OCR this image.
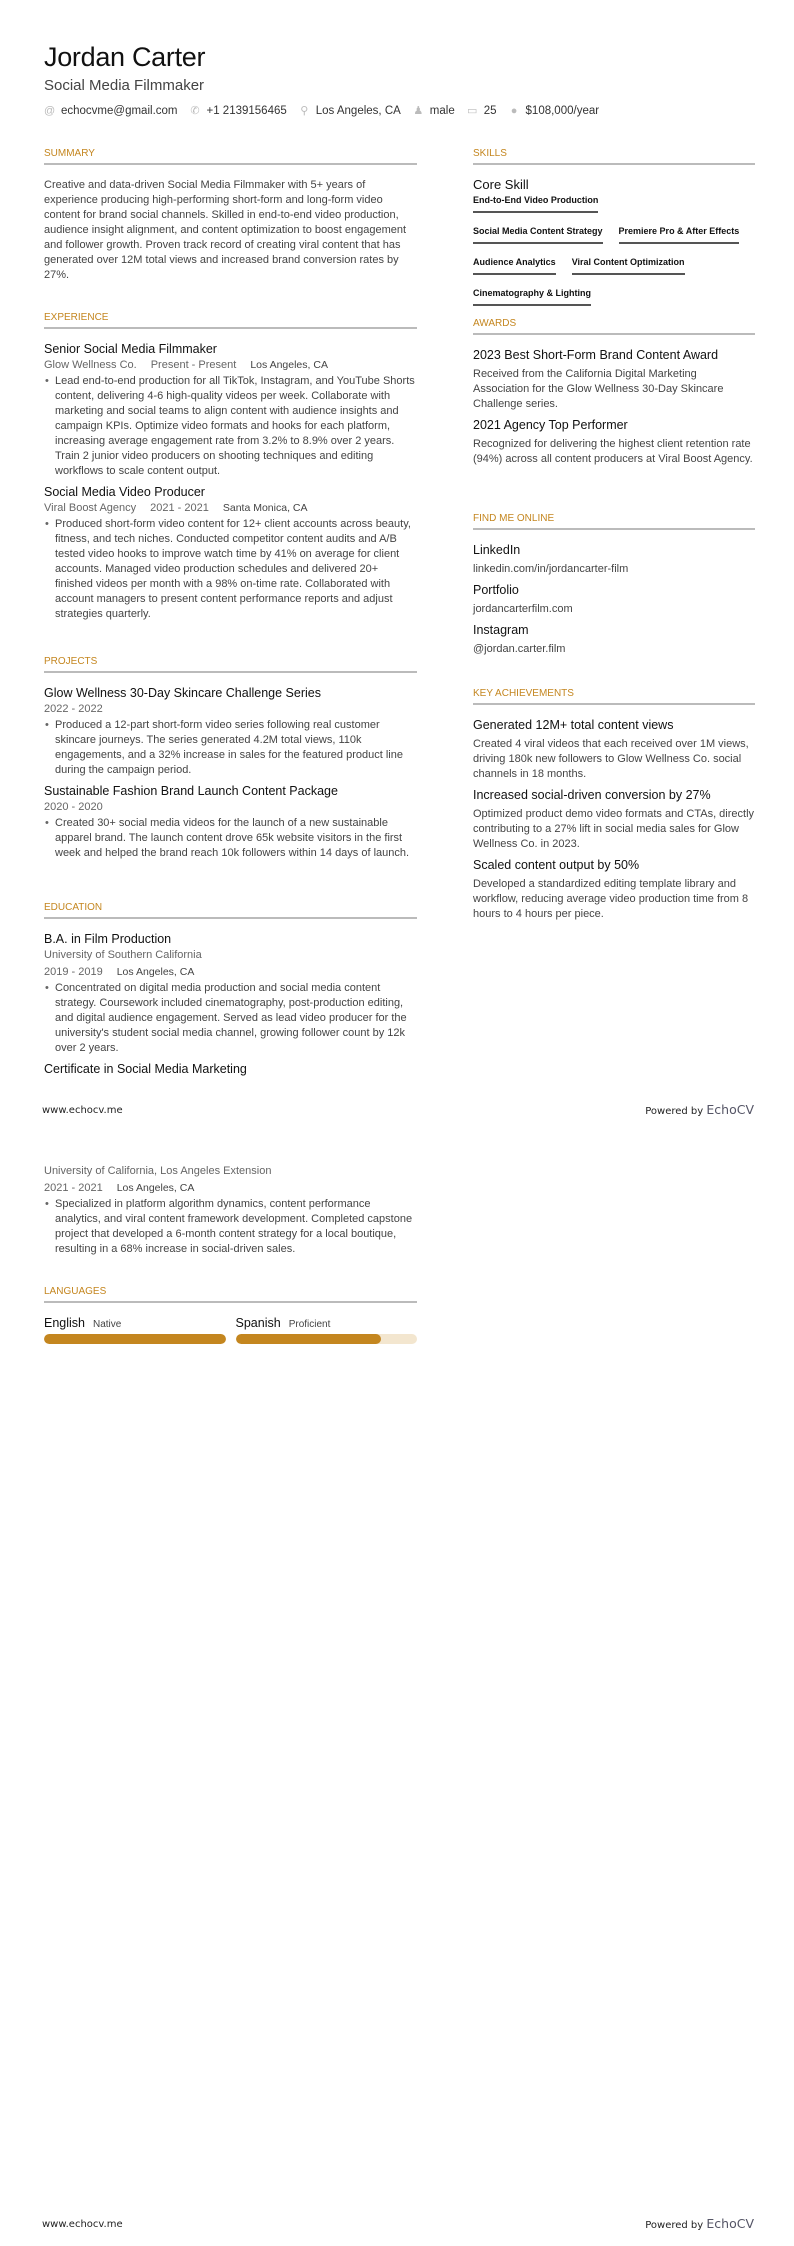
Jordan Carter
Social Media Filmmaker
@ echocvme@gmail.com ✆ +1 2139156465 ⚲ Los Angeles, CA ♟ male ▭ 25 ● $108,000/year
SUMMARY

Creative and data-driven Social Media Filmmaker with 5+ years of experience producing high-performing short-form and long-form video content for brand social channels. Skilled in end-to-end video production, audience insight alignment, and content optimization to boost engagement and follower growth. Proven track record of creating viral content that has generated over 12M total views and increased brand conversion rates by 27%.

EXPERIENCE
Senior Social Media Filmmaker
Glow Wellness Co. Present - Present Los Angeles, CA
• Lead end-to-end production for all TikTok, Instagram, and YouTube Shorts content, delivering 4-6 high-quality videos per week. Collaborate with marketing and social teams to align content with audience insights and campaign KPIs. Optimize video formats and hooks for each platform, increasing average engagement rate from 3.2% to 8.9% over 2 years. Train 2 junior video producers on shooting techniques and editing workflows to scale content output.
Social Media Video Producer
Viral Boost Agency 2021 - 2021 Santa Monica, CA
• Produced short-form video content for 12+ client accounts across beauty, fitness, and tech niches. Conducted competitor content audits and A/B tested video hooks to improve watch time by 41% on average for client accounts. Managed video production schedules and delivered 20+ finished videos per month with a 98% on-time rate. Collaborated with account managers to present content performance reports and adjust strategies quarterly.
PROJECTS
Glow Wellness 30-Day Skincare Challenge Series
2022 - 2022
• Produced a 12-part short-form video series following real customer skincare journeys. The series generated 4.2M total views, 110k engagements, and a 32% increase in sales for the featured product line during the campaign period.
Sustainable Fashion Brand Launch Content Package
2020 - 2020
• Created 30+ social media videos for the launch of a new sustainable apparel brand. The launch content drove 65k website visitors in the first week and helped the brand reach 10k followers within 14 days of launch.
EDUCATION
B.A. in Film Production
University of Southern California
2019 - 2019 Los Angeles, CA
• Concentrated on digital media production and social media content strategy. Coursework included cinematography, post-production editing, and digital audience engagement. Served as lead video producer for the university's student social media channel, growing follower count by 12k over 2 years.
Certificate in Social Media Marketing
University of California, Los Angeles Extension
2021 - 2021 Los Angeles, CA
• Specialized in platform algorithm dynamics, content performance analytics, and viral content framework development. Completed capstone project that developed a 6-month content strategy for a local boutique, resulting in a 68% increase in social-driven sales.
LANGUAGES
English Native	Spanish Proficient
SKILLS
Core Skill
End-to-End Video Production
Social Media Content Strategy Premiere Pro & After Effects
Audience Analytics Viral Content Optimization
Cinematography & Lighting
AWARDS
2023 Best Short-Form Brand Content Award

Received from the California Digital Marketing Association for the Glow Wellness 30-Day Skincare Challenge series.

2021 Agency Top Performer

Recognized for delivering the highest client retention rate (94%) across all content producers at Viral Boost Agency.

FIND ME ONLINE
LinkedIn
linkedin.com/in/jordancarter-film
Portfolio
jordancarterfilm.com
Instagram
@jordan.carter.film
KEY ACHIEVEMENTS
Generated 12M+ total content views

Created 4 viral videos that each received over 1M views, driving 180k new followers to Glow Wellness Co. social channels in 18 months.

Increased social-driven conversion by 27%

Optimized product demo video formats and CTAs, directly contributing to a 27% lift in social media sales for Glow Wellness Co. in 2023.

Scaled content output by 50%

Developed a standardized editing template library and workflow, reducing average video production time from 8 hours to 4 hours per piece.

www.echocv.me	Powered by EchoCV
www.echocv.me	Powered by EchoCV
